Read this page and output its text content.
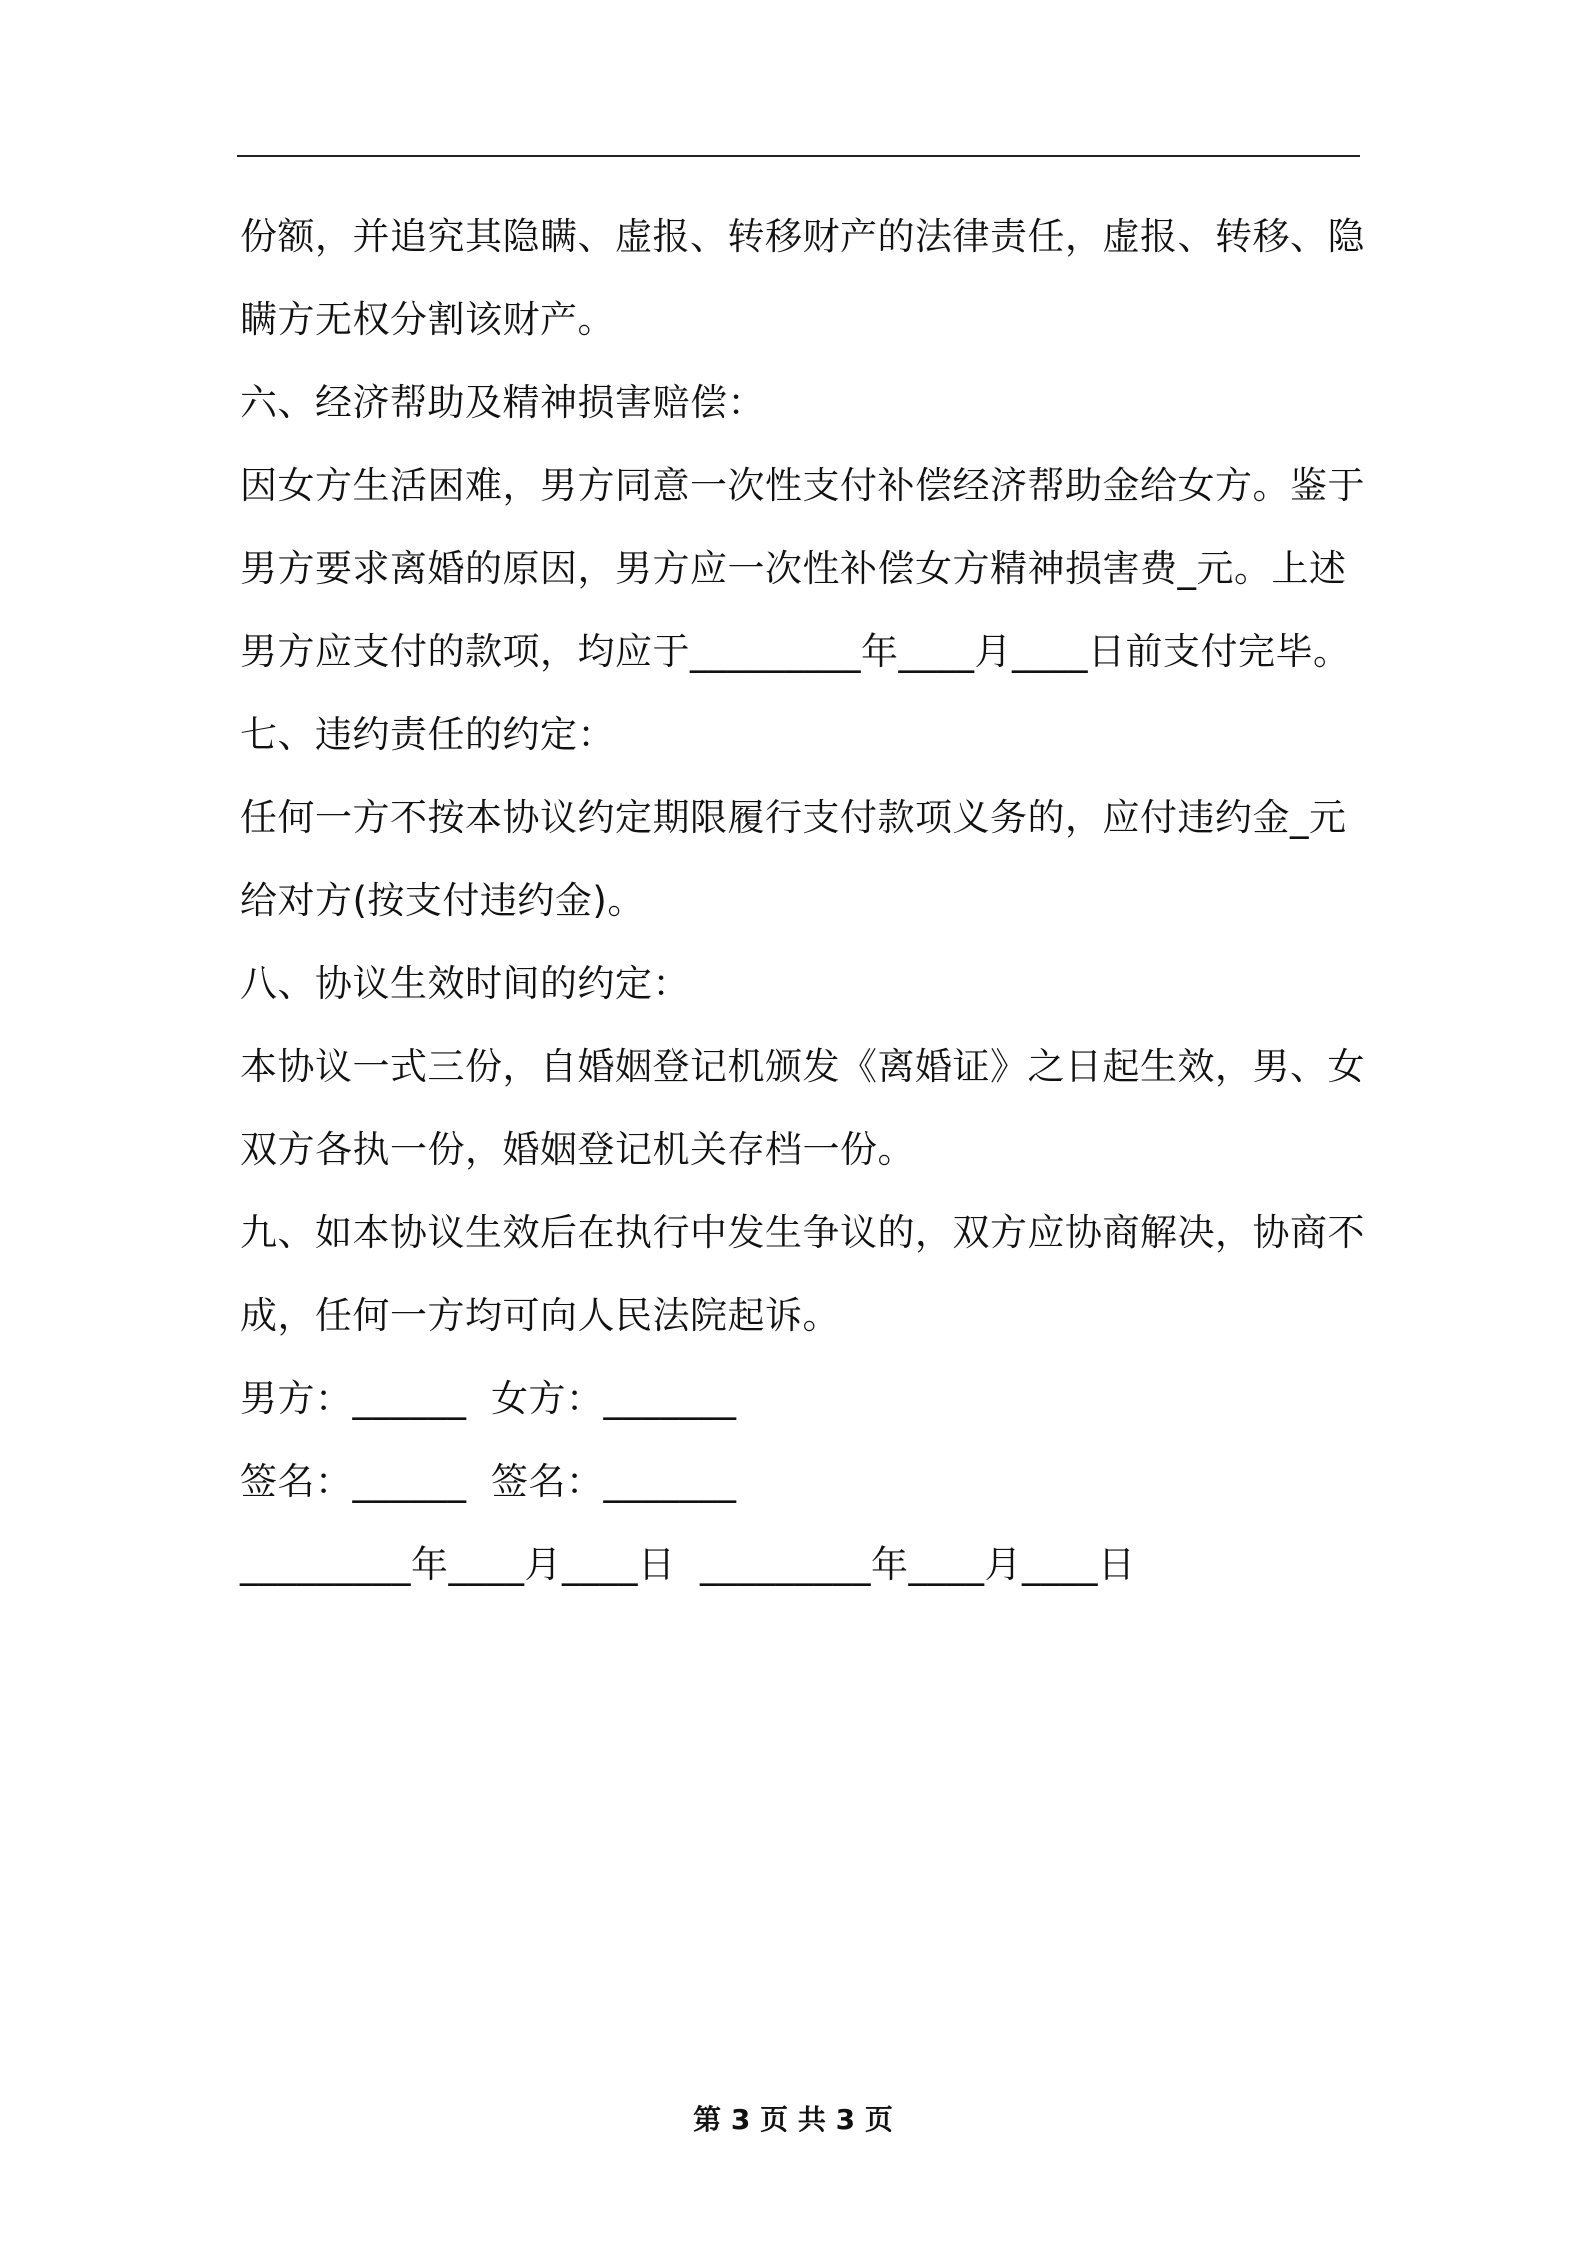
份额，并追究其隐瞒、虚报、转移财产的法律责任，虚报、转移、隐
瞒方无权分割该财产。
六、经济帮助及精神损害赔偿：
因女方生活困难，男方同意一次性支付补偿经济帮助金给女方。鉴于
男方要求离婚的原因，男方应一次性补偿女方精神损害费_元。上述
男方应支付的款项，均应于_________年____月____日前支付完毕。
七、违约责任的约定：
任何一方不按本协议约定期限履行支付款项义务的，应付违约金_元
给对方(按支付违约金)。
八、协议生效时间的约定：
本协议一式三份，自婚姻登记机颁发《离婚证》之日起生效，男、女
双方各执一份，婚姻登记机关存档一份。
九、如本协议生效后在执行中发生争议的，双方应协商解决，协商不
成，任何一方均可向人民法院起诉。
男方：______  女方：_______
签名：______  签名：_______
_________年____月____日  _________年____月____日
第 3 页 共 3 页
